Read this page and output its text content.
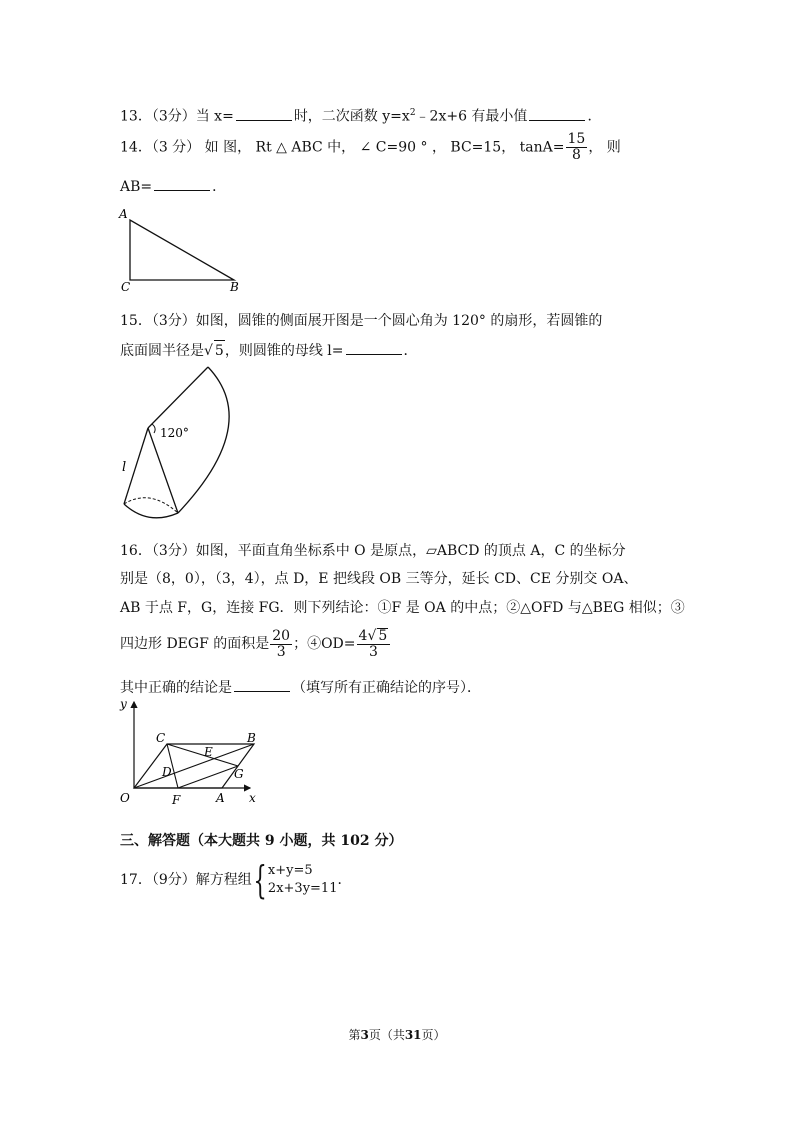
13．（3分）当 x=	时，二次函数 $y=x^2﹣2x+6$ 有最小值	．
14．（3 分） 如 图， Rt △ ABC 中， ∠ C=90 ° ， BC=15， $\tan A= \frac{15}{8}$ ， 则
AB=	．
A
C	B
15．（3分）如图，圆锥的侧面展开图是一个圆心角为 120° 的扇形，若圆锥的
底面圆半径是√ 5，则圆锥的母线 l=	．
120°
l
16．（3分）如图，平面直角坐标系中 O 是原点，▱ABCD 的顶点 A，C 的坐标分
别是（8，0），（3，4），点 D，E 把线段 OB 三等分，延长 CD、CE 分别交 OA、
AB 于点 F，G，连接 FG．则下列结论：①F 是 OA 的中点；②△OFD 与△BEG 相似；③
四边形 DEGF 的面积是 $\frac{20}{3}$ ；④OD= $\frac{4√ 5}{3}$
其中正确的结论是	（填写所有正确结论的序号）．
y
x
O
C	B
E
D	G
F	A
三、解答题（本大题共 9 小题，共 102 分）
17．（9分）解方程组 { x+y=5
2x+3y=11
．
第3页（共31页）
